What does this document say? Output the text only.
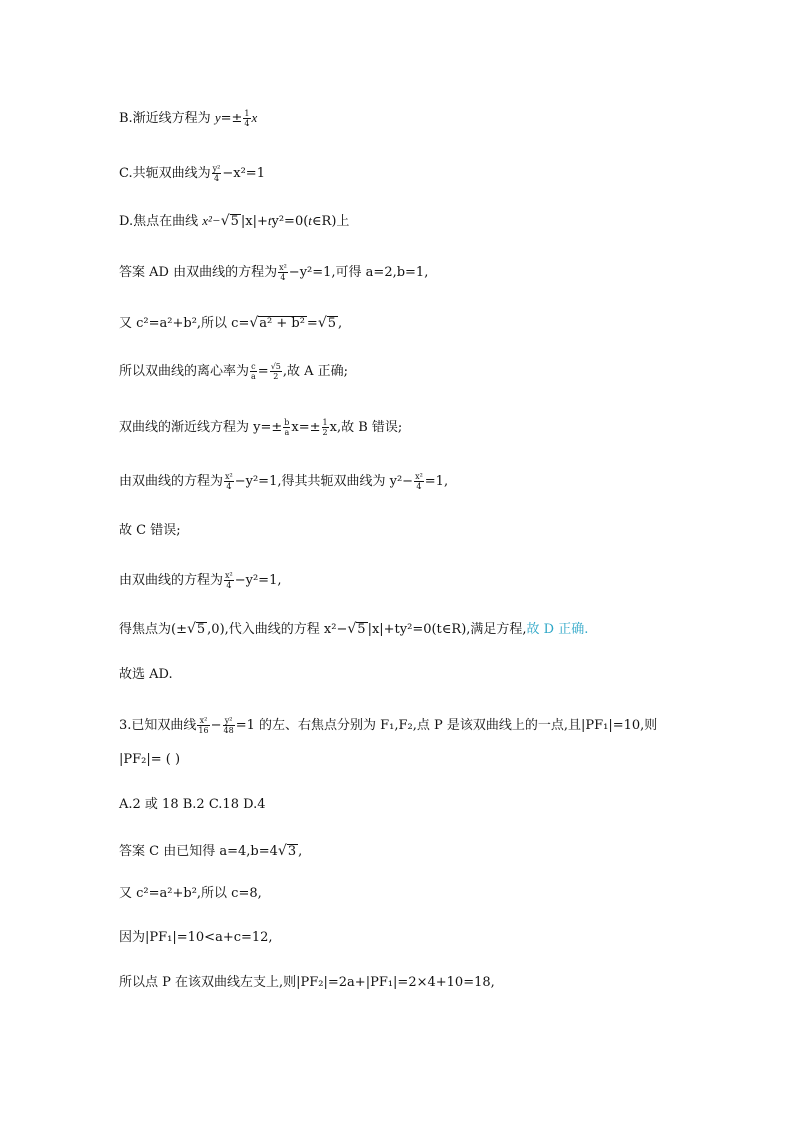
B.渐近线方程为 $y=\pm \frac{1}{4}$ x
C.共轭双曲线为 $\frac{\text{y²}}{4} -x^2=1$
D.焦点在曲线 x²−√5 |x|+ty²=0(t∈R)上
答案 AD 由双曲线的方程为 $\frac{\text{x²}}{4} -y^2=1$,可得 a=2,b=1,
又 c²=a²+b²,所以 c=√a² + b² =√5 ,
所以双曲线的离心率为 $\frac{c}{a} = \frac{√5}{2}$ ,故 A 正确;
双曲线的渐近线方程为 $y=\pm \frac{b}{a} x=\pm \frac{1}{2} x$,故 B 错误;
由双曲线的方程为 $\frac{\text{x²}}{4} -y^2=1$,得其共轭双曲线为 $y^2- \frac{\text{x²}}{4} =1$,
故 C 错误;
由双曲线的方程为 $\frac{\text{x²}}{4} -y^2=1$,
得焦点为(±√5 ,0),代入曲线的方程 x²−√5 |x|+ty²=0(t∈R),满足方程,故 D 正确.
故选 AD.
3.已知双曲线 $\frac{\text{x²}}{16} - \frac{\text{y²}}{48} =1$ 的左、右焦点分别为 F₁,F₂,点 P 是该双曲线上的一点,且|PF₁|=10,则
|PF₂|= ( )
A.2 或 18 B.2 C.18 D.4
答案 C 由已知得 a=4,b=4√3 ,
又 c²=a²+b²,所以 c=8,
因为|PF₁|=10<a+c=12,
所以点 P 在该双曲线左支上,则|PF₂|=2a+|PF₁|=2×4+10=18,
